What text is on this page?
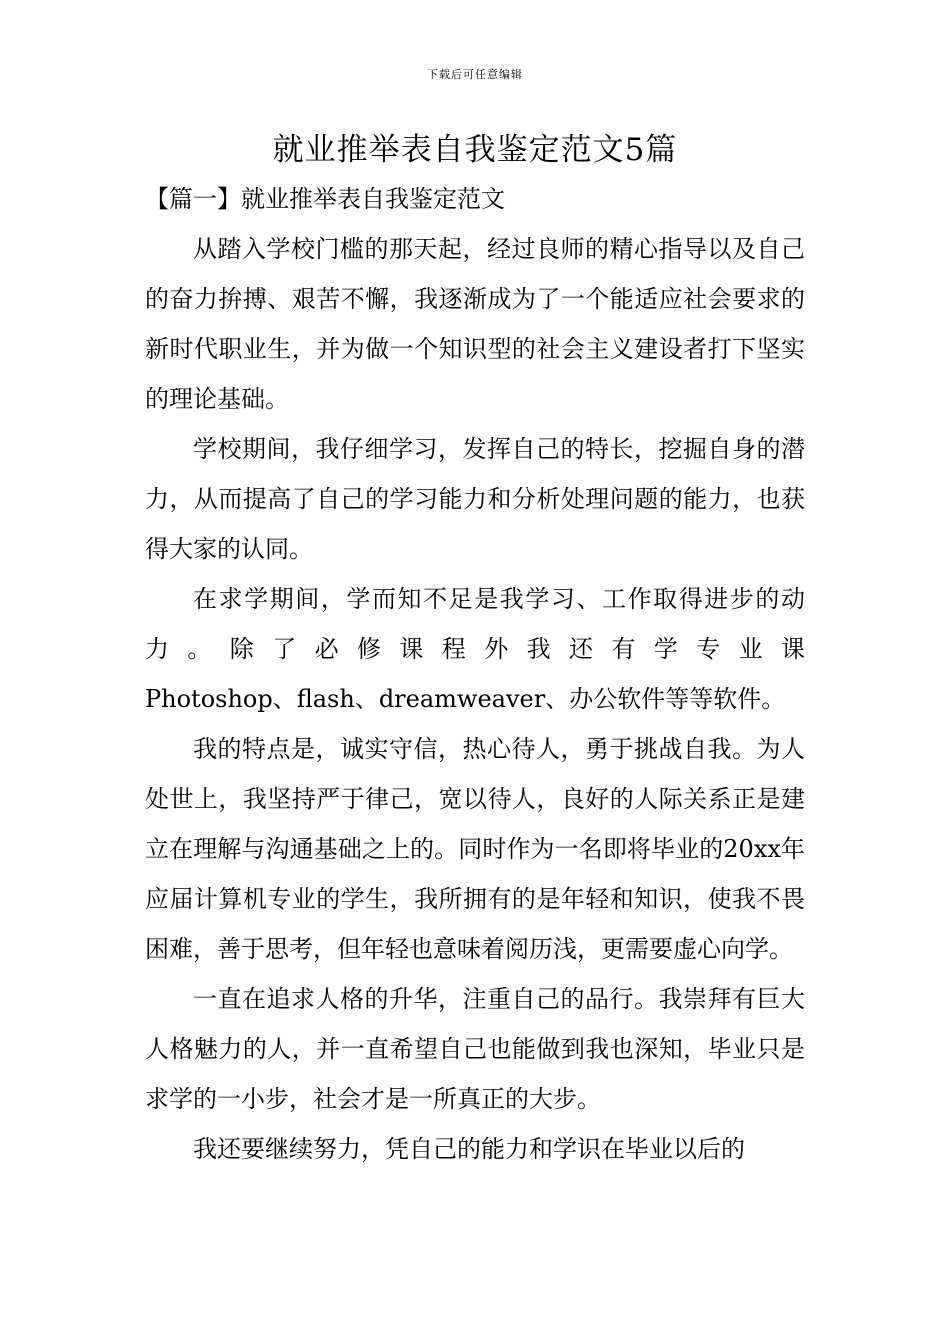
下载后可任意编辑
就业推举表自我鉴定范文5篇
【篇一】就业推举表自我鉴定范文

从踏入学校门槛的那天起，经过良师的精心指导以及自己的奋力拚搏、艰苦不懈，我逐渐成为了一个能适应社会要求的新时代职业生，并为做一个知识型的社会主义建设者打下坚实的理论基础。

学校期间，我仔细学习，发挥自己的特长，挖掘自身的潜力，从而提高了自己的学习能力和分析处理问题的能力，也获得大家的认同。

在求学期间，学而知不足是我学习、工作取得进步的动力。除了必修课程外我还有学专业课

Photoshop、flash、dreamweaver、办公软件等等软件。

我的特点是，诚实守信，热心待人，勇于挑战自我。为人处世上，我坚持严于律己，宽以待人，良好的人际关系正是建立在理解与沟通基础之上的。同时作为一名即将毕业的20xx年应届计算机专业的学生，我所拥有的是年轻和知识，使我不畏困难，善于思考，但年轻也意味着阅历浅，更需要虚心向学。

一直在追求人格的升华，注重自己的品行。我崇拜有巨大人格魅力的人，并一直希望自己也能做到我也深知，毕业只是求学的一小步，社会才是一所真正的大步。

我还要继续努力，凭自己的能力和学识在毕业以后的
